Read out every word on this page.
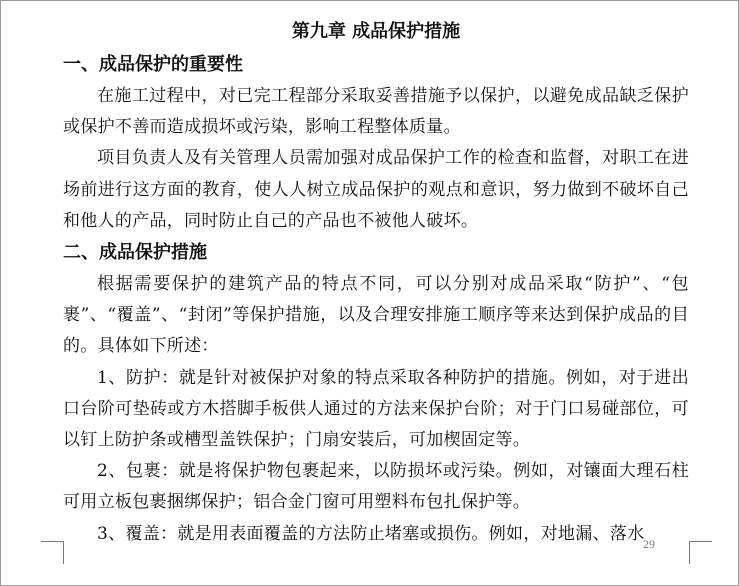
第九章 成品保护措施
一、成品保护的重要性

在施工过程中，对已完工程部分采取妥善措施予以保护，以避免成品缺乏保护或保护不善而造成损坏或污染，影响工程整体质量。

项目负责人及有关管理人员需加强对成品保护工作的检查和监督，对职工在进场前进行这方面的教育，使人人树立成品保护的观点和意识，努力做到不破坏自己和他人的产品，同时防止自己的产品也不被他人破坏。

二、成品保护措施

根据需要保护的建筑产品的特点不同，可以分别对成品采取“防护”、“包裹”、“覆盖”、“封闭”等保护措施，以及合理安排施工顺序等来达到保护成品的目的。具体如下所述：

1、防护：就是针对被保护对象的特点采取各种防护的措施。例如，对于进出口台阶可垫砖或方木搭脚手板供人通过的方法来保护台阶；对于门口易碰部位，可以钉上防护条或槽型盖铁保护；门扇安装后，可加楔固定等。

2、包裹：就是将保护物包裹起来，以防损坏或污染。例如，对镶面大理石柱可用立板包裹捆绑保护；铝合金门窗可用塑料布包扎保护等。

3、覆盖：就是用表面覆盖的方法防止堵塞或损伤。例如，对地漏、落水

29
